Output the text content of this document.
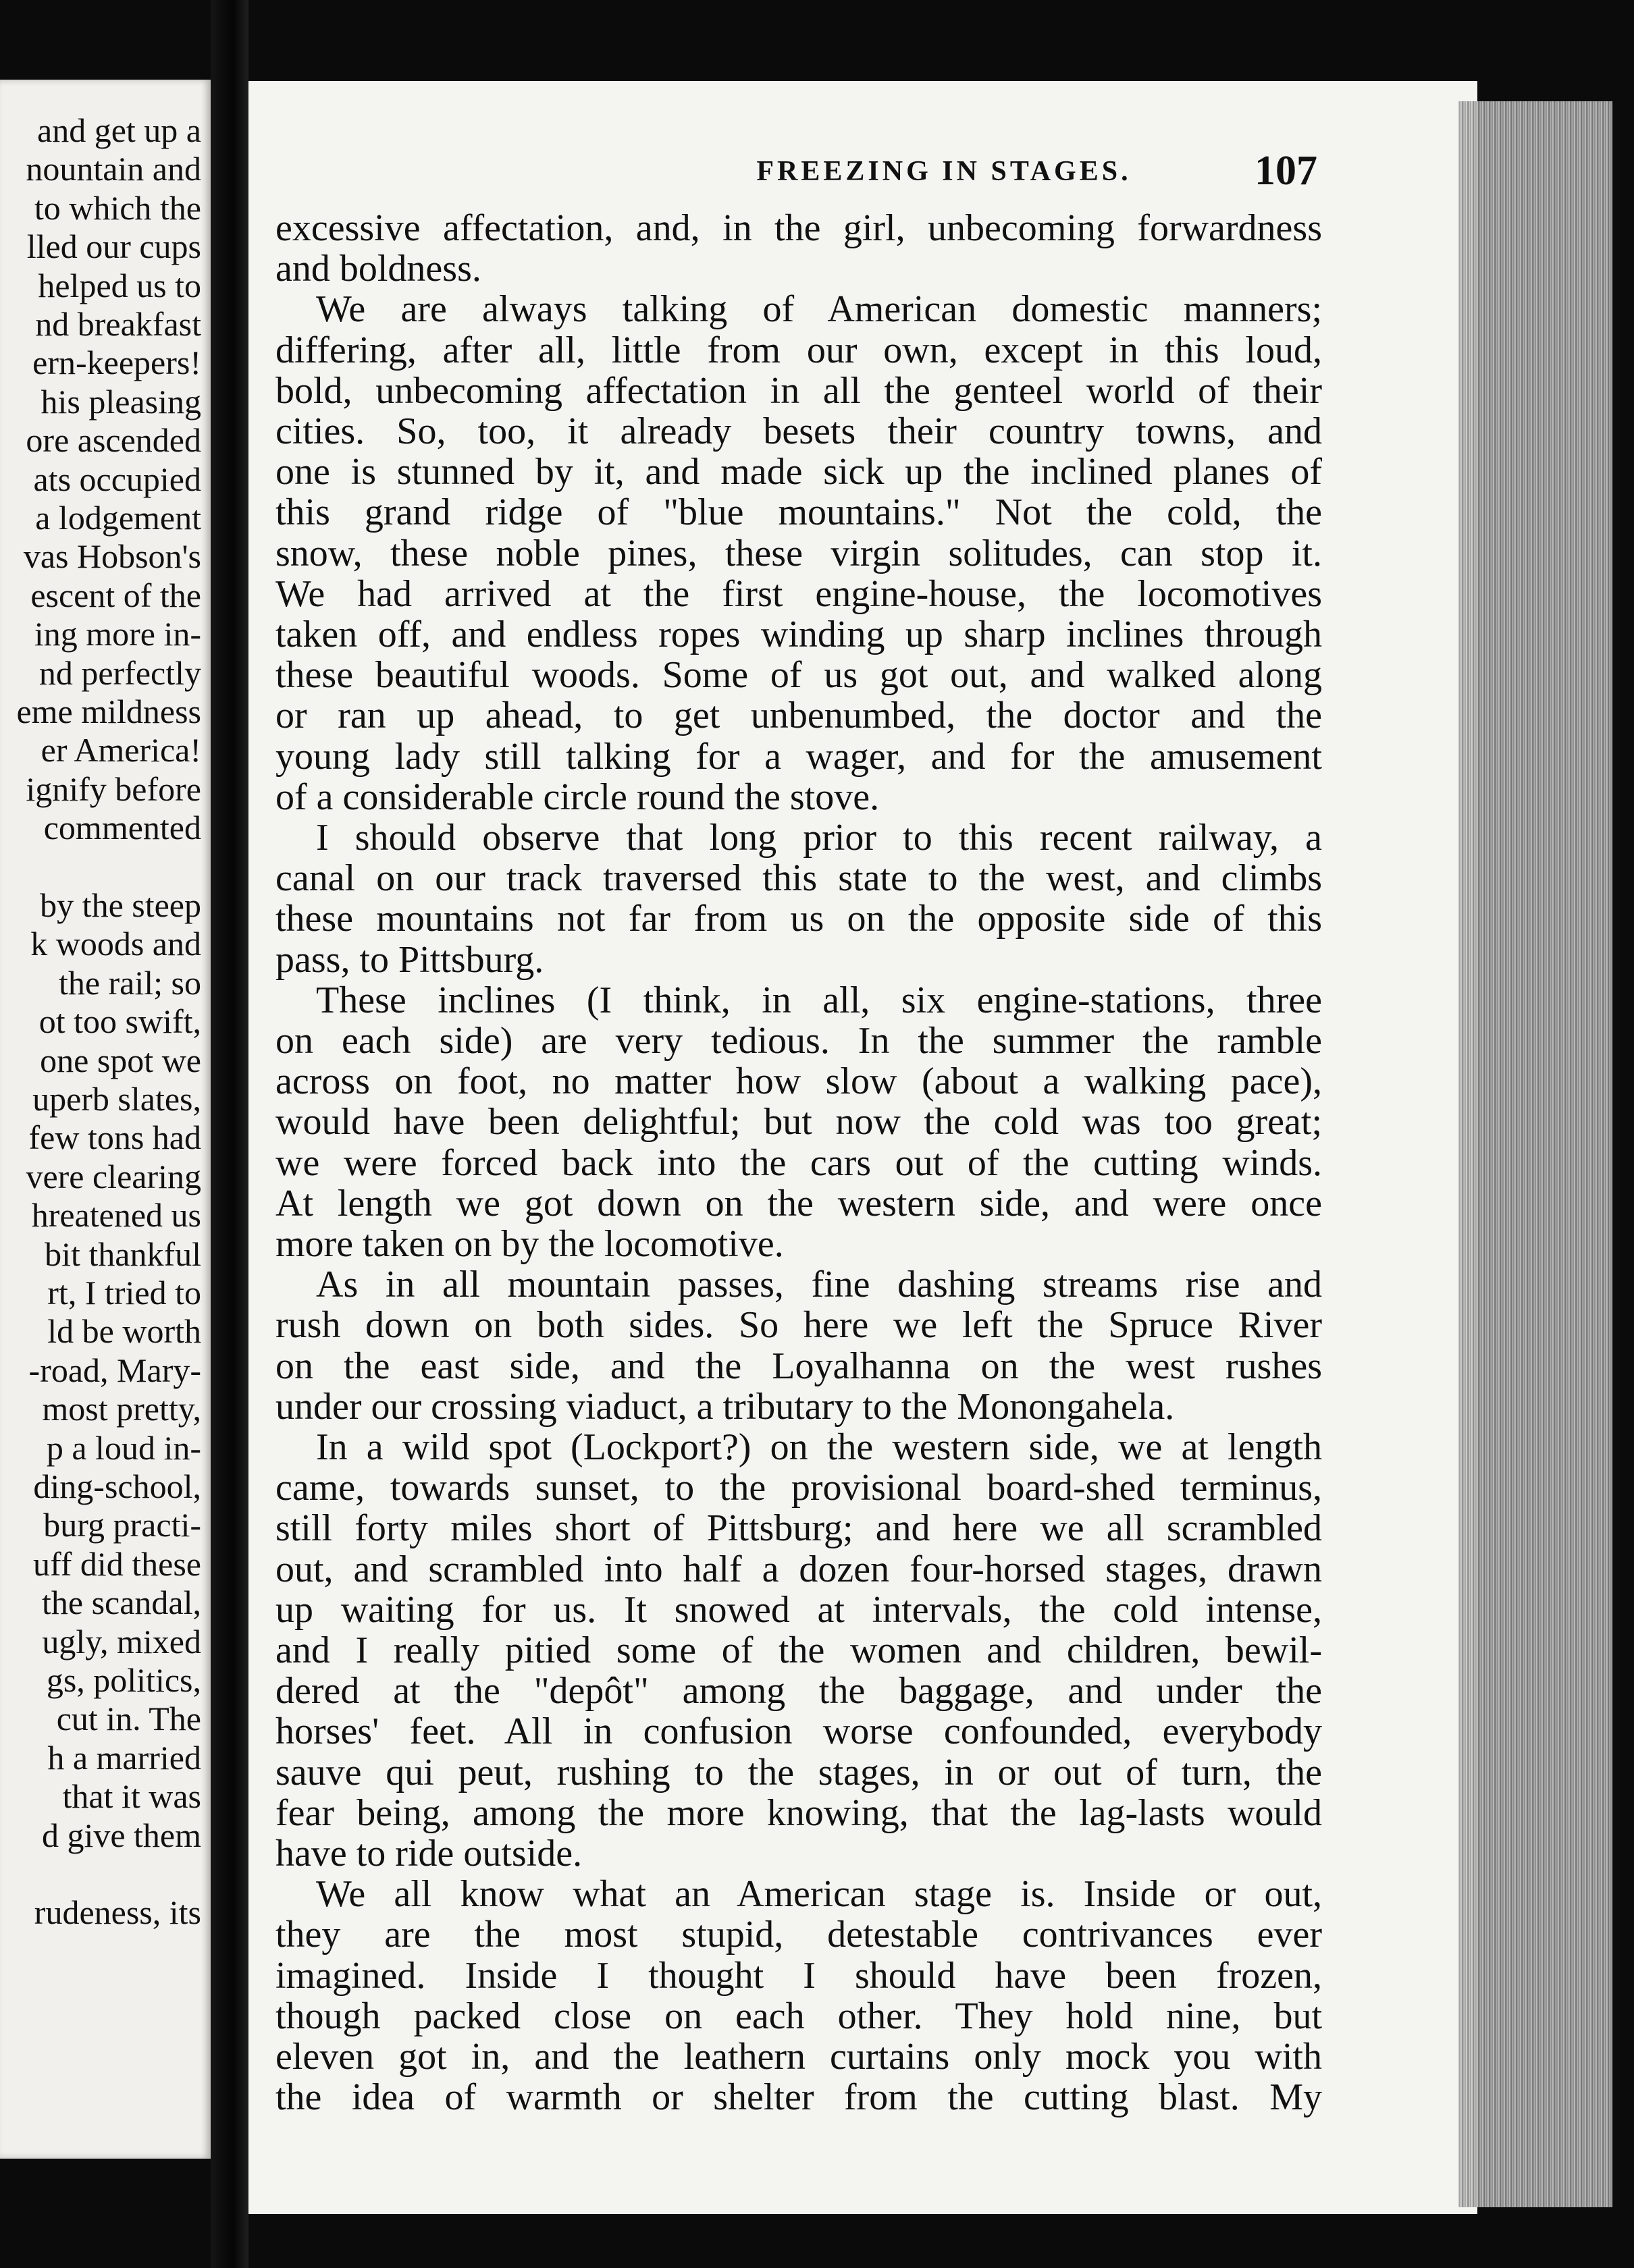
and get up a
nountain and
to which the
lled our cups
helped us to
nd breakfast
ern-keepers!
his pleasing
ore ascended
ats occupied
a lodgement
vas Hobson's
escent of the
ing more in-
nd perfectly
eme mildness
er America!
ignify before
commented
by the steep
k woods and
the rail; so
ot too swift,
one spot we
uperb slates,
few tons had
vere clearing
hreatened us
bit thankful
rt, I tried to
ld be worth
-road, Mary-
most pretty,
p a loud in-
ding-school,
burg practi-
uff did these
the scandal,
ugly, mixed
gs, politics,
cut in. The
h a married
that it was
d give them
rudeness, its
FREEZING IN STAGES.	107
excessive affectation, and, in the girl, unbecoming forwardness
and boldness.
We are always talking of American domestic manners;
differing, after all, little from our own, except in this loud,
bold, unbecoming affectation in all the genteel world of their
cities. So, too, it already besets their country towns, and
one is stunned by it, and made sick up the inclined planes of
this grand ridge of "blue mountains." Not the cold, the
snow, these noble pines, these virgin solitudes, can stop it.
We had arrived at the first engine-house, the locomotives
taken off, and endless ropes winding up sharp inclines through
these beautiful woods. Some of us got out, and walked along
or ran up ahead, to get unbenumbed, the doctor and the
young lady still talking for a wager, and for the amusement
of a considerable circle round the stove.
I should observe that long prior to this recent railway, a
canal on our track traversed this state to the west, and climbs
these mountains not far from us on the opposite side of this
pass, to Pittsburg.
These inclines (I think, in all, six engine-stations, three
on each side) are very tedious. In the summer the ramble
across on foot, no matter how slow (about a walking pace),
would have been delightful; but now the cold was too great;
we were forced back into the cars out of the cutting winds.
At length we got down on the western side, and were once
more taken on by the locomotive.
As in all mountain passes, fine dashing streams rise and
rush down on both sides. So here we left the Spruce River
on the east side, and the Loyalhanna on the west rushes
under our crossing viaduct, a tributary to the Monongahela.
In a wild spot (Lockport?) on the western side, we at length
came, towards sunset, to the provisional board-shed terminus,
still forty miles short of Pittsburg; and here we all scrambled
out, and scrambled into half a dozen four-horsed stages, drawn
up waiting for us. It snowed at intervals, the cold intense,
and I really pitied some of the women and children, bewil-
dered at the "depôt" among the baggage, and under the
horses' feet. All in confusion worse confounded, everybody
sauve qui peut, rushing to the stages, in or out of turn, the
fear being, among the more knowing, that the lag-lasts would
have to ride outside.
We all know what an American stage is. Inside or out,
they are the most stupid, detestable contrivances ever
imagined. Inside I thought I should have been frozen,
though packed close on each other. They hold nine, but
eleven got in, and the leathern curtains only mock you with
the idea of warmth or shelter from the cutting blast. My
